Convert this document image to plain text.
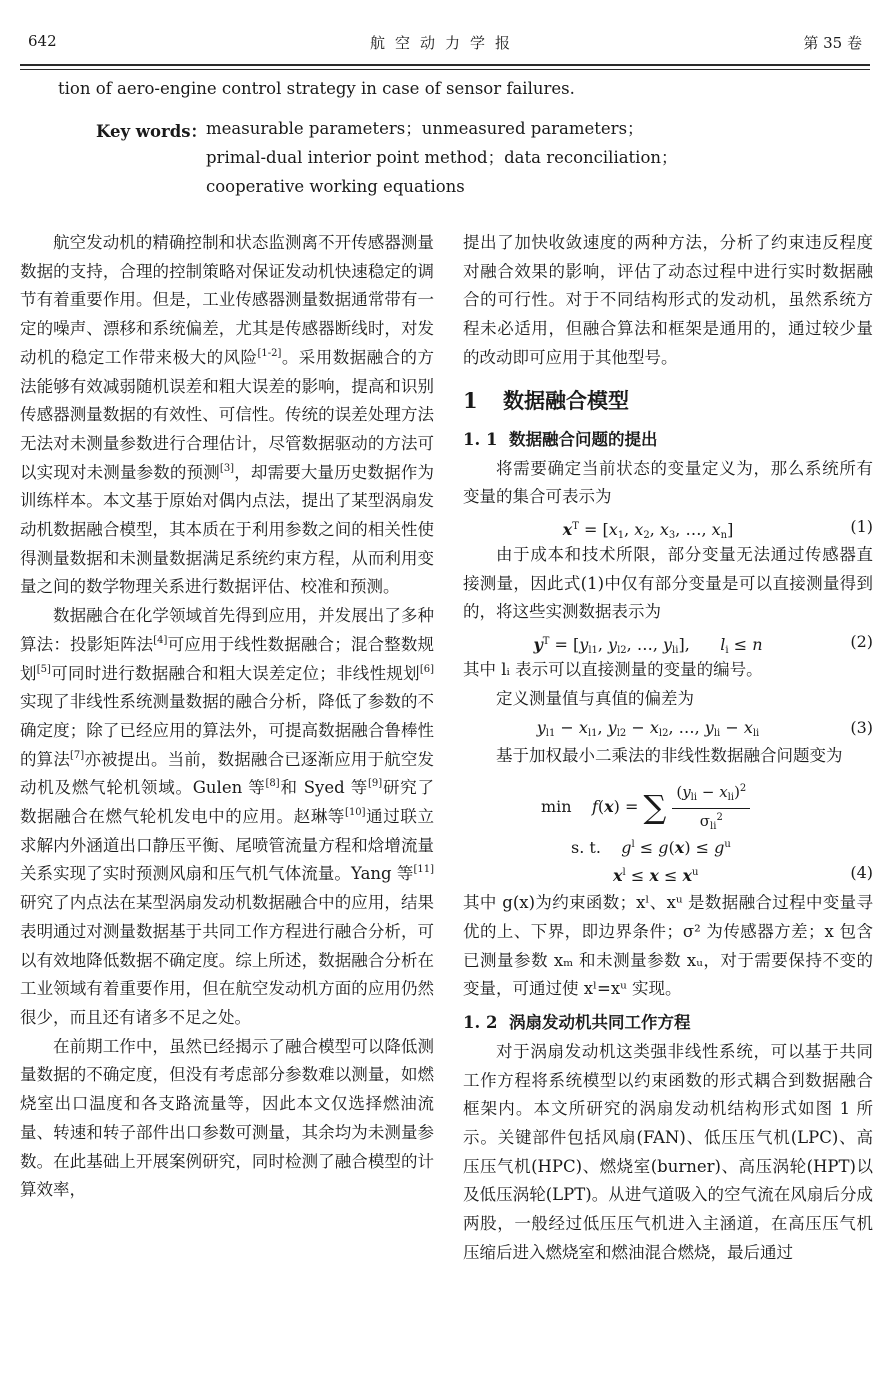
642	航空动力学报	第 35 卷

tion of aero-engine control strategy in case of sensor failures.

Key words：
measurable parameters；unmeasured parameters；
primal-dual interior point method；data reconciliation；
cooperative working equations

航空发动机的精确控制和状态监测离不开传感器测量数据的支持，合理的控制策略对保证发动机快速稳定的调节有着重要作用。但是，工业传感器测量数据通常带有一定的噪声、漂移和系统偏差，尤其是传感器断线时，对发动机的稳定工作带来极大的风险[1-2]。采用数据融合的方法能够有效减弱随机误差和粗大误差的影响，提高和识别传感器测量数据的有效性、可信性。传统的误差处理方法无法对未测量参数进行合理估计，尽管数据驱动的方法可以实现对未测量参数的预测[3]，却需要大量历史数据作为训练样本。本文基于原始对偶内点法，提出了某型涡扇发动机数据融合模型，其本质在于利用参数之间的相关性使得测量数据和未测量数据满足系统约束方程，从而利用变量之间的数学物理关系进行数据评估、校准和预测。

数据融合在化学领域首先得到应用，并发展出了多种算法：投影矩阵法[4]可应用于线性数据融合；混合整数规划[5]可同时进行数据融合和粗大误差定位；非线性规划[6]实现了非线性系统测量数据的融合分析，降低了参数的不确定度；除了已经应用的算法外，可提高数据融合鲁棒性的算法[7]亦被提出。当前，数据融合已逐渐应用于航空发动机及燃气轮机领域。Gulen 等[8]和 Syed 等[9]研究了数据融合在燃气轮机发电中的应用。赵琳等[10]通过联立求解内外涵道出口静压平衡、尾喷管流量方程和焓增流量关系实现了实时预测风扇和压气机气体流量。Yang 等[11]研究了内点法在某型涡扇发动机数据融合中的应用，结果表明通过对测量数据基于共同工作方程进行融合分析，可以有效地降低数据不确定度。综上所述，数据融合分析在工业领域有着重要作用，但在航空发动机方面的应用仍然很少，而且还有诸多不足之处。

在前期工作中，虽然已经揭示了融合模型可以降低测量数据的不确定度，但没有考虑部分参数难以测量，如燃烧室出口温度和各支路流量等，因此本文仅选择燃油流量、转速和转子部件出口参数可测量，其余均为未测量参数。在此基础上开展案例研究，同时检测了融合模型的计算效率，

提出了加快收敛速度的两种方法，分析了约束违反程度对融合效果的影响，评估了动态过程中进行实时数据融合的可行性。对于不同结构形式的发动机，虽然系统方程未必适用，但融合算法和框架是通用的，通过较少量的改动即可应用于其他型号。

1 数据融合模型
1. 1 数据融合问题的提出

将需要确定当前状态的变量定义为，那么系统所有变量的集合可表示为

$x^T = [x1$, x2, x3, …, xn]	(1)

由于成本和技术所限，部分变量无法通过传感器直接测量，因此式(1)中仅有部分变量是可以直接测量得到的，将这些实测数据表示为

$y^T = [yl1$, yl2, …, yli],      li ≤ n	(2)

其中 lᵢ 表示可以直接测量的变量的编号。

定义测量值与真值的偏差为

yl1 − xl1, yl2 − xl2, …, yli − xli	(3)

基于加权最小二乘法的非线性数据融合问题变为

min    f(x) = ∑ $\frac{(y_{li} - x_{li})^2}{\sigma_{li}^2}$
s. t.    $g^l \le g(x) \le g^u$
$x^l \le x \le x^u$	(4)

其中 g(x)为约束函数；xˡ、xᵘ 是数据融合过程中变量寻优的上、下界，即边界条件；σ² 为传感器方差；x 包含已测量参数 xₘ 和未测量参数 xᵤ，对于需要保持不变的变量，可通过使 xˡ=xᵘ 实现。

1. 2 涡扇发动机共同工作方程

对于涡扇发动机这类强非线性系统，可以基于共同工作方程将系统模型以约束函数的形式耦合到数据融合框架内。本文所研究的涡扇发动机结构形式如图 1 所示。关键部件包括风扇(FAN)、低压压气机(LPC)、高压压气机(HPC)、燃烧室(burner)、高压涡轮(HPT)以及低压涡轮(LPT)。从进气道吸入的空气流在风扇后分成两股，一般经过低压压气机进入主涵道，在高压压气机压缩后进入燃烧室和燃油混合燃烧，最后通过
